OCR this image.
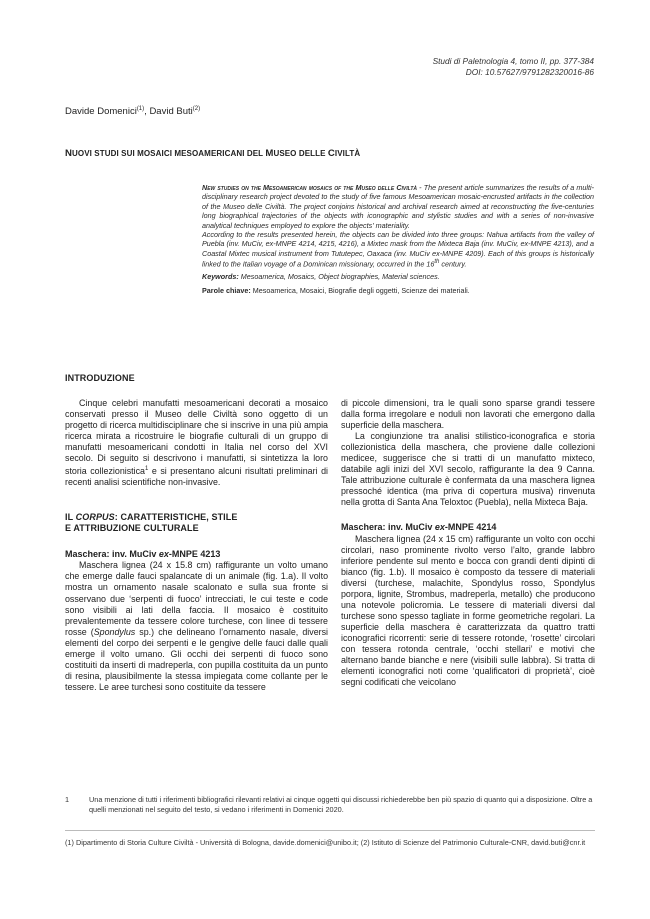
Studi di Paletnologia 4, tomo II, pp. 377-384
DOI: 10.57627/9791282320016-86
Davide Domenici$^{(1)}$, David Buti$^{(2)}$
NUOVI STUDI SUI MOSAICI MESOAMERICANI DEL MUSEO DELLE CIVILTÀ

New studies on the Mesoamerican mosaics of the Museo delle Civiltà - The present article summarizes the results of a multi-disciplinary research project devoted to the study of five famous Mesoamerican mosaic-encrusted artifacts in the collection of the Museo delle Civiltà. The project conjoins historical and archival research aimed at reconstructing the five-centuries long biographical trajectories of the objects with iconographic and stylistic studies and with a series of non-invasive analytical techniques employed to explore the objects' materiality.

According to the results presented herein, the objects can be divided into three groups: Nahua artifacts from the valley of Puebla (inv. MuCiv, ex-MNPE 4214, 4215, 4216), a Mixtec mask from the Mixteca Baja (inv. MuCiv, ex-MNPE 4213), and a Coastal Mixtec musical instrument from Tututepec, Oaxaca (inv. MuCiv ex-MNPE 4209). Each of this groups is historically linked to the Italian voyage of a Dominican missionary, occurred in the 16th century.

Keywords: Mesoamerica, Mosaics, Object biographies, Material sciences.

Parole chiave: Mesoamerica, Mosaici, Biografie degli oggetti, Scienze dei materiali.

INTRODUZIONE

Cinque celebri manufatti mesoamericani decorati a mosaico conservati presso il Museo delle Civiltà sono oggetto di un progetto di ricerca multidisciplinare che si inscrive in una più ampia ricerca mirata a ricostruire le biografie culturali di un gruppo di manufatti mesoamericani condotti in Italia nel corso del XVI secolo. Di seguito si descrivono i manufatti, si sintetizza la loro storia collezionistica$^1$ e si presentano alcuni risultati preliminari di recenti analisi scientifiche non-invasive.

IL CORPUS: CARATTERISTICHE, STILE
E ATTRIBUZIONE CULTURALE
Maschera: inv. MuCiv ex-MNPE 4213

Maschera lignea (24 x 15.8 cm) raffigurante un volto umano che emerge dalle fauci spalancate di un animale (fig. 1.a). Il volto mostra un ornamento nasale scalonato e sulla sua fronte si osservano due ‘serpenti di fuoco’ intrecciati, le cui teste e code sono visibili ai lati della faccia. Il mosaico è costituito prevalentemente da tessere colore turchese, con linee di tessere rosse (Spondylus sp.) che delineano l’ornamento nasale, diversi elementi del corpo dei serpenti e le gengive delle fauci dalle quali emerge il volto umano. Gli occhi dei serpenti di fuoco sono costituiti da inserti di madreperla, con pupilla costituita da un punto di resina, plausibilmente la stessa impiegata come collante per le tessere. Le aree turchesi sono costituite da tessere

di piccole dimensioni, tra le quali sono sparse grandi tessere dalla forma irregolare e noduli non lavorati che emergono dalla superficie della maschera.

La congiunzione tra analisi stilistico-iconografica e storia collezionistica della maschera, che proviene dalle collezioni medicee, suggerisce che si tratti di un manufatto mixteco, databile agli inizi del XVI secolo, raffigurante la dea 9 Canna. Tale attribuzione culturale è confermata da una maschera lignea pressoché identica (ma priva di copertura musiva) rinvenuta nella grotta di Santa Ana Teloxtoc (Puebla), nella Mixteca Baja.

Maschera: inv. MuCiv ex-MNPE 4214

Maschera lignea (24 x 15 cm) raffigurante un volto con occhi circolari, naso prominente rivolto verso l’alto, grande labbro inferiore pendente sul mento e bocca con grandi denti dipinti di bianco (fig. 1.b). Il mosaico è composto da tessere di materiali diversi (turchese, malachite, Spondylus rosso, Spondylus porpora, lignite, Strombus, madreperla, metallo) che producono una notevole policromia. Le tessere di materiali diversi dal turchese sono spesso tagliate in forme geometriche regolari. La superficie della maschera è caratterizzata da quattro tratti iconografici ricorrenti: serie di tessere rotonde, ‘rosette’ circolari con tessera rotonda centrale, ‘occhi stellari’ e motivi che alternano bande bianche e nere (visibili sulle labbra). Si tratta di elementi iconografici noti come ‘qualificatori di proprietà’, cioè segni codificati che veicolano

1	Una menzione di tutti i riferimenti bibliografici rilevanti relativi ai cinque oggetti qui discussi richiederebbe ben più spazio di quanto qui a disposizione. Oltre a quelli menzionati nel seguito del testo, si vedano i riferimenti in Domenici 2020.
(1) Dipartimento di Storia Culture Civiltà - Università di Bologna, davide.domenici@unibo.it; (2) Istituto di Scienze del Patrimonio Culturale-CNR, david.buti@cnr.it
